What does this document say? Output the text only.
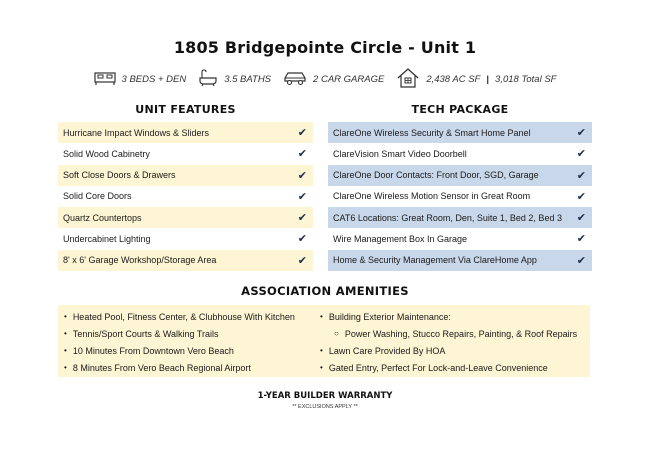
1805 Bridgepointe Circle - Unit 1
3 BEDS + DEN	3.5 BATHS	2 CAR GARAGE	2,438 AC SF | 3,018 Total SF
UNIT FEATURES	TECH PACKAGE
Hurricane Impact Windows & Sliders	✔
Solid Wood Cabinetry	✔
Soft Close Doors & Drawers	✔
Solid Core Doors	✔
Quartz Countertops	✔
Undercabinet Lighting	✔
8' x 6' Garage Workshop/Storage Area	✔
ClareOne Wireless Security & Smart Home Panel	✔
ClareVision Smart Video Doorbell	✔
ClareOne Door Contacts: Front Door, SGD, Garage	✔
ClareOne Wireless Motion Sensor in Great Room	✔
CAT6 Locations: Great Room, Den, Suite 1, Bed 2, Bed 3 ✔
Wire Management Box In Garage	✔
Home & Security Management Via ClareHome App	✔
ASSOCIATION AMENITIES
• Heated Pool, Fitness Center, & Clubhouse With Kitchen
• Tennis/Sport Courts & Walking Trails
• 10 Minutes From Downtown Vero Beach
• 8 Minutes From Vero Beach Regional Airport
• Building Exterior Maintenance:
○ Power Washing, Stucco Repairs, Painting, & Roof Repairs
• Lawn Care Provided By HOA
• Gated Entry, Perfect For Lock-and-Leave Convenience
1-YEAR BUILDER WARRANTY
** EXCLUSIONS APPLY **
